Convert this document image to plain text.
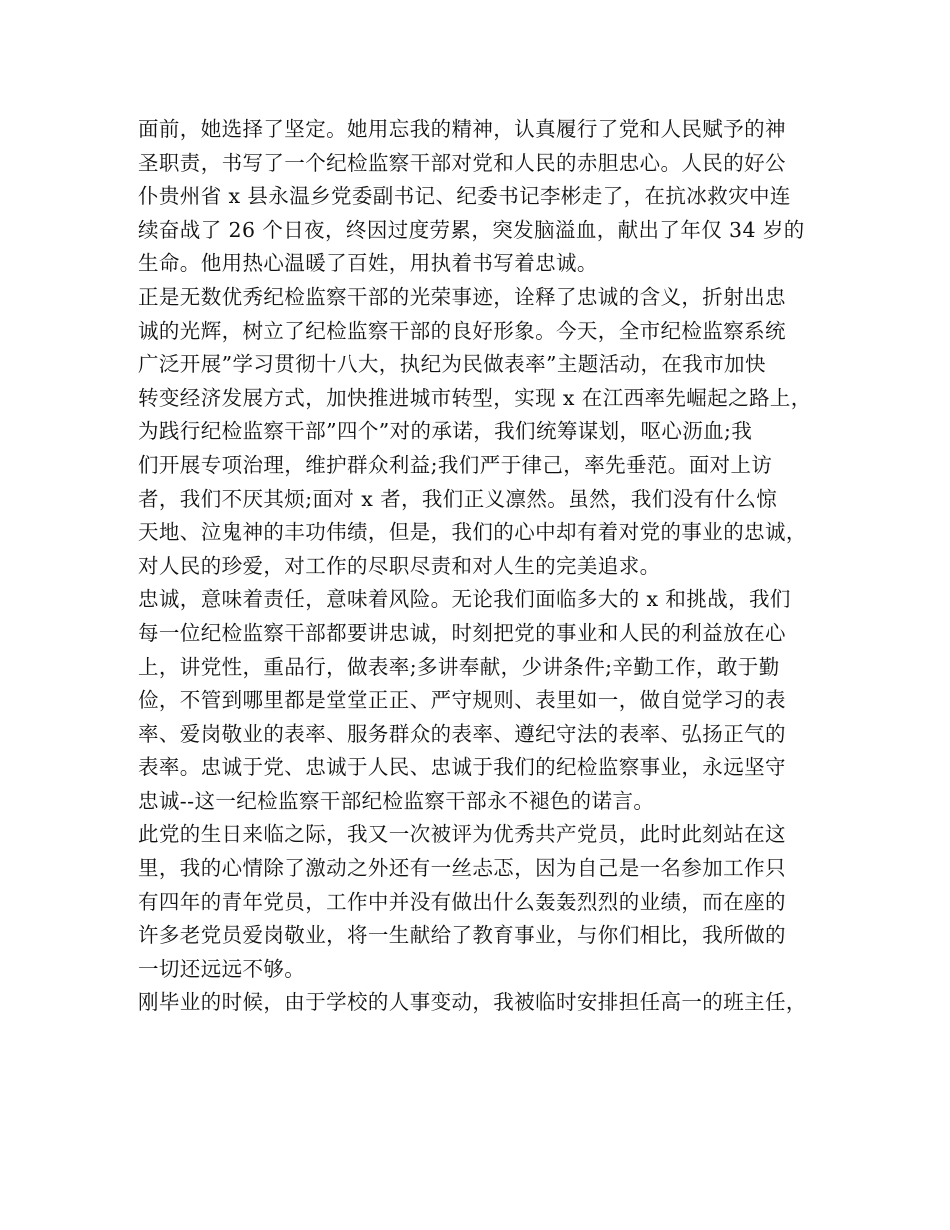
面前，她选择了坚定。她用忘我的精神，认真履行了党和人民赋予的神
圣职责，书写了一个纪检监察干部对党和人民的赤胆忠心。人民的好公
仆贵州省 x 县永温乡党委副书记、纪委书记李彬走了，在抗冰救灾中连
续奋战了 26 个日夜，终因过度劳累，突发脑溢血，献出了年仅 34 岁的
生命。他用热心温暖了百姓，用执着书写着忠诚。
正是无数优秀纪检监察干部的光荣事迹，诠释了忠诚的含义，折射出忠
诚的光辉，树立了纪检监察干部的良好形象。今天，全市纪检监察系统
广泛开展”学习贯彻十八大，执纪为民做表率”主题活动，在我市加快
转变经济发展方式，加快推进城市转型，实现 x 在江西率先崛起之路上，
为践行纪检监察干部”四个”对的承诺，我们统筹谋划，呕心沥血;我
们开展专项治理，维护群众利益;我们严于律己，率先垂范。面对上访
者，我们不厌其烦;面对 x 者，我们正义凛然。虽然，我们没有什么惊
天地、泣鬼神的丰功伟绩，但是，我们的心中却有着对党的事业的忠诚，
对人民的珍爱，对工作的尽职尽责和对人生的完美追求。
忠诚，意味着责任，意味着风险。无论我们面临多大的 x 和挑战，我们
每一位纪检监察干部都要讲忠诚，时刻把党的事业和人民的利益放在心
上，讲党性，重品行，做表率;多讲奉献，少讲条件;辛勤工作，敢于勤
俭，不管到哪里都是堂堂正正、严守规则、表里如一，做自觉学习的表
率、爱岗敬业的表率、服务群众的表率、遵纪守法的表率、弘扬正气的
表率。忠诚于党、忠诚于人民、忠诚于我们的纪检监察事业，永远坚守
忠诚--这一纪检监察干部纪检监察干部永不褪色的诺言。
此党的生日来临之际，我又一次被评为优秀共产党员，此时此刻站在这
里，我的心情除了激动之外还有一丝忐忑，因为自己是一名参加工作只
有四年的青年党员，工作中并没有做出什么轰轰烈烈的业绩，而在座的
许多老党员爱岗敬业，将一生献给了教育事业，与你们相比，我所做的
一切还远远不够。
刚毕业的时候，由于学校的人事变动，我被临时安排担任高一的班主任，
